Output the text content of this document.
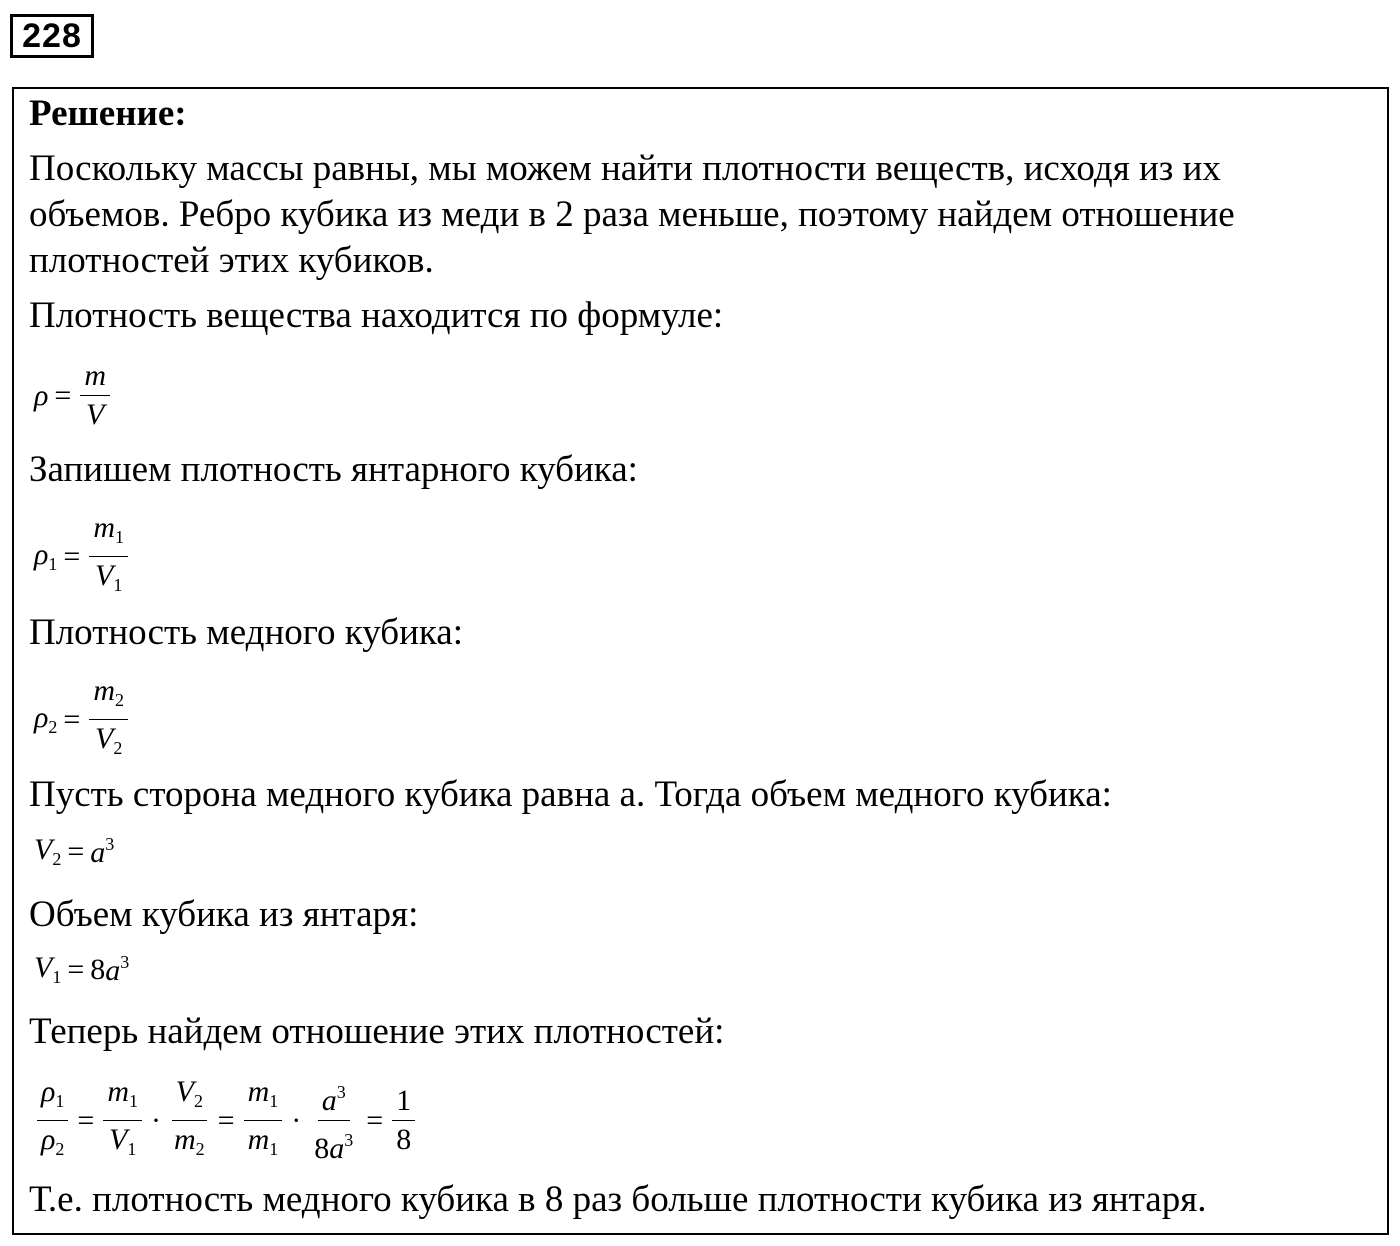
228
Решение:
Поскольку массы равны, мы можем найти плотности веществ, исходя из их объемов. Ребро кубика из меди в 2 раза меньше, поэтому найдем отношение плотностей этих кубиков.
Плотность вещества находится по формуле:
$\rho = \frac{m}{V}$
Запишем плотность янтарного кубика:
$\rho_1 = \frac{m_1}{V_1}$
Плотность медного кубика:
$\rho_2 = \frac{m_2}{V_2}$
Пусть сторона медного кубика равна a. Тогда объем медного кубика:
$V_2 = a^3$
Объем кубика из янтаря:
$V_1 = 8$ $a^3$
Теперь найдем отношение этих плотностей:
$\frac{\rho_1}{\rho_2} = \frac{m_1}{V_1} \cdot \frac{V_2}{m_2} = \frac{m_1}{m_1} \cdot \frac{a^3}{8a^3} = \frac{1}{8}$
Т.е. плотность медного кубика в 8 раз больше плотности кубика из янтаря.
